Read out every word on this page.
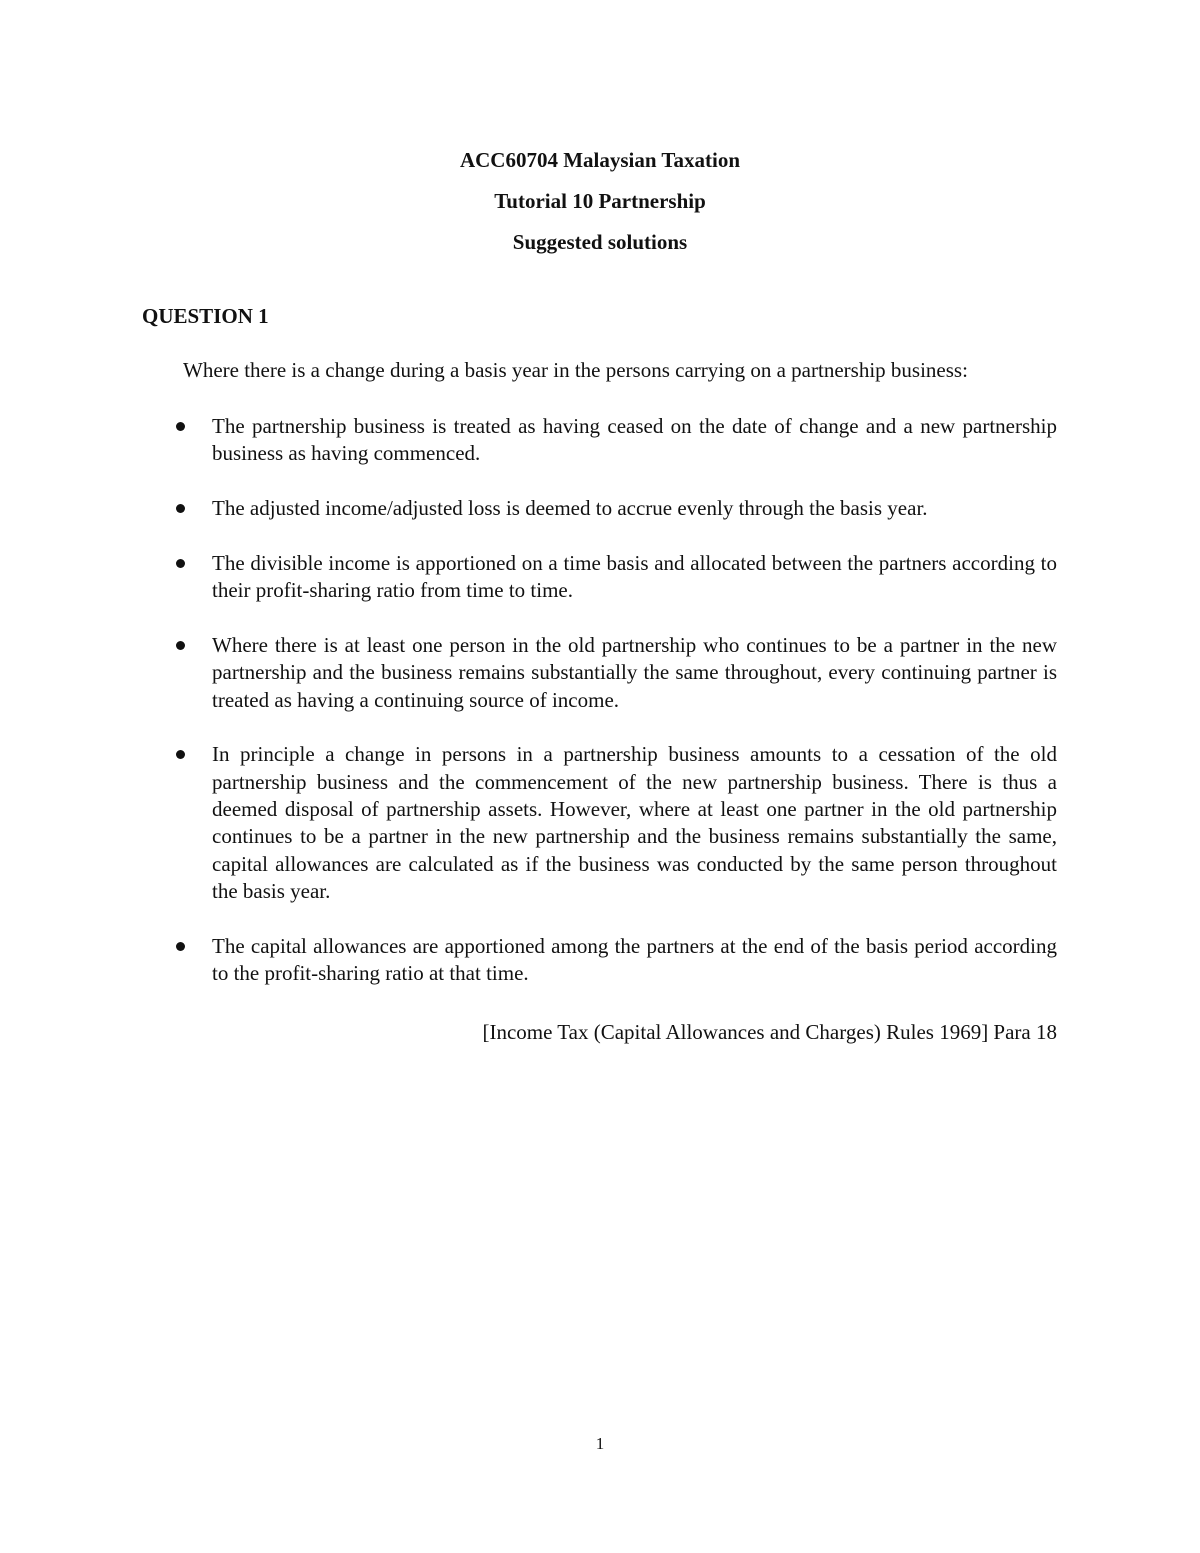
ACC60704 Malaysian Taxation

Tutorial 10 Partnership

Suggested solutions

QUESTION 1

Where there is a change during a basis year in the persons carrying on a partnership business:

The partnership business is treated as having ceased on the date of change and a new partnership business as having commenced.
The adjusted income/adjusted loss is deemed to accrue evenly through the basis year.
The divisible income is apportioned on a time basis and allocated between the partners according to their profit-sharing ratio from time to time.
Where there is at least one person in the old partnership who continues to be a partner in the new partnership and the business remains substantially the same throughout, every continuing partner is treated as having a continuing source of income.
In principle a change in persons in a partnership business amounts to a cessation of the old partnership business and the commencement of the new partnership business. There is thus a deemed disposal of partnership assets. However, where at least one partner in the old partnership continues to be a partner in the new partnership and the business remains substantially the same, capital allowances are calculated as if the business was conducted by the same person throughout the basis year.
The capital allowances are apportioned among the partners at the end of the basis period according to the profit-sharing ratio at that time.

[Income Tax (Capital Allowances and Charges) Rules 1969] Para 18

1
